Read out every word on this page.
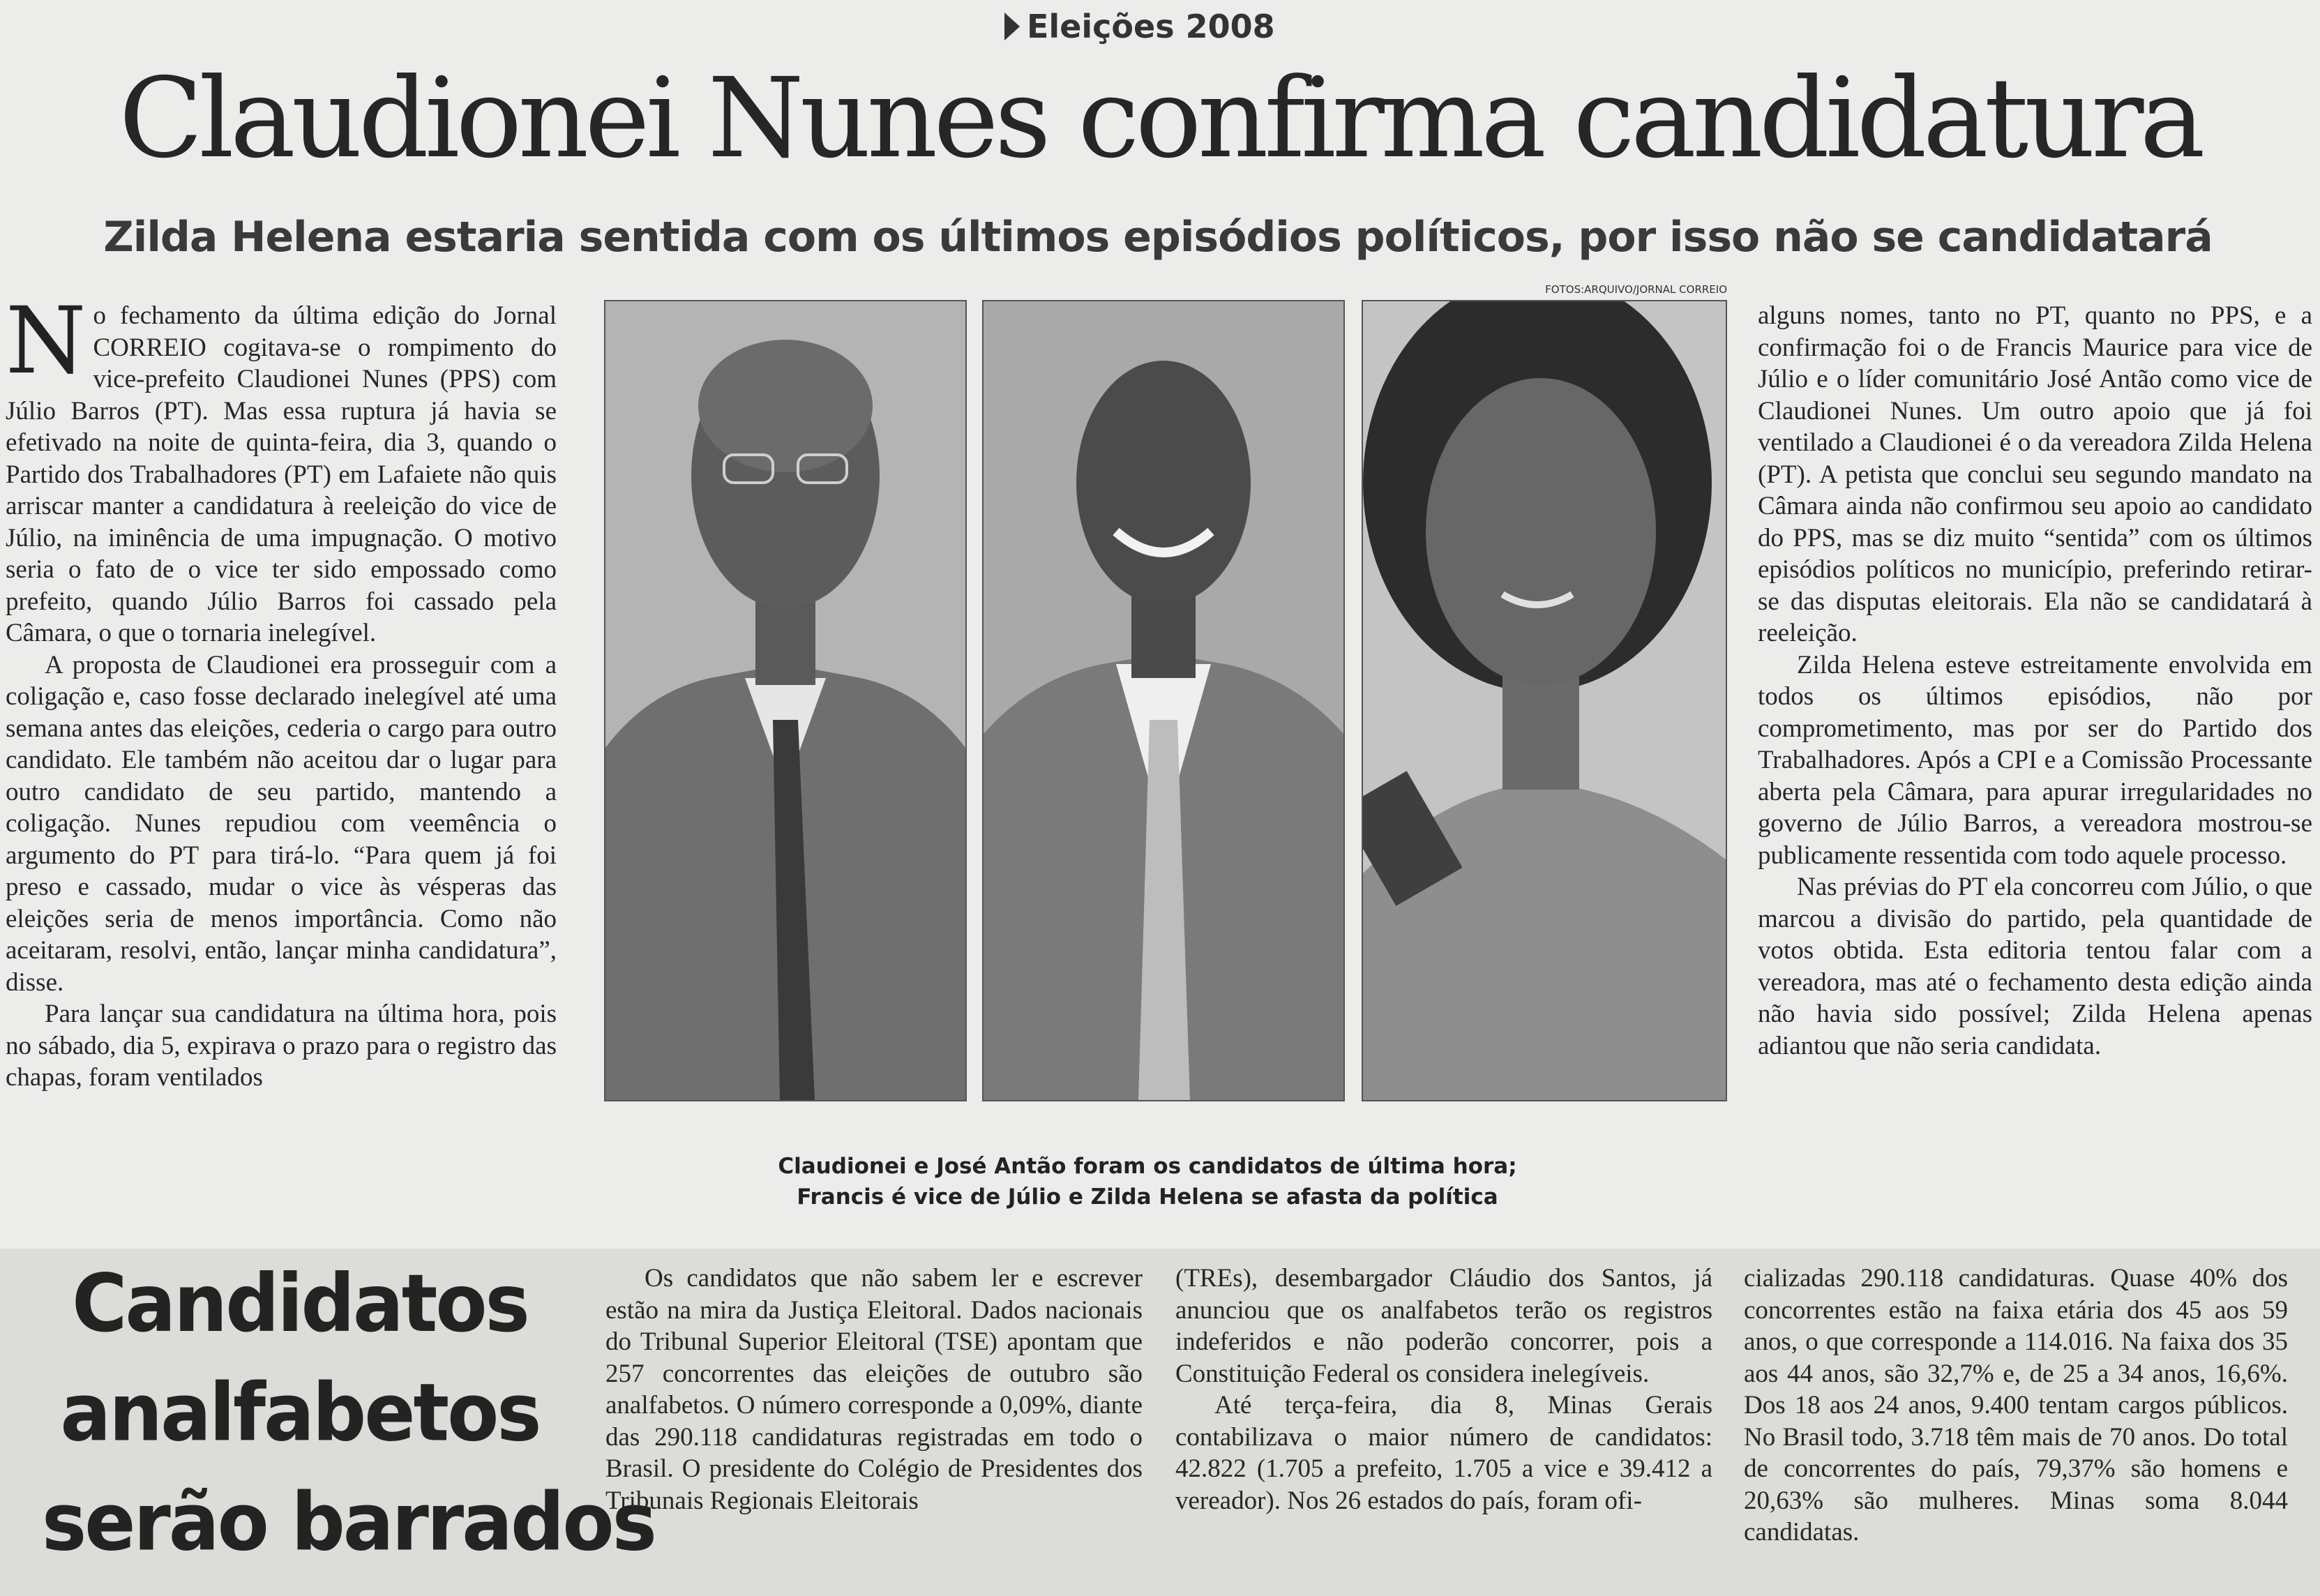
Eleições 2008
Claudionei Nunes confirma candidatura
Zilda Helena estaria sentida com os últimos episódios políticos, por isso não se candidatará

No fechamento da última edição do Jornal CORREIO cogitava-se o rompimento do vice-prefeito Claudionei Nunes (PPS) com Júlio Barros (PT). Mas essa ruptura já havia se efetivado na noite de quinta-feira, dia 3, quando o Partido dos Trabalhadores (PT) em Lafaiete não quis arriscar manter a candidatura à reeleição do vice de Júlio, na iminência de uma impugnação. O motivo seria o fato de o vice ter sido empossado como prefeito, quando Júlio Barros foi cassado pela Câmara, o que o tornaria inelegível.

A proposta de Claudionei era prosseguir com a coligação e, caso fosse declarado inelegível até uma semana antes das eleições, cederia o cargo para outro candidato. Ele também não aceitou dar o lugar para outro candidato de seu partido, mantendo a coligação. Nunes repudiou com veemência o argumento do PT para tirá-lo. “Para quem já foi preso e cassado, mudar o vice às vésperas das eleições seria de menos importância. Como não aceitaram, resolvi, então, lançar minha candidatura”, disse.

Para lançar sua candidatura na última hora, pois no sábado, dia 5, expirava o prazo para o registro das chapas, foram ventilados

FOTOS:ARQUIVO/JORNAL CORREIO
Claudionei e José Antão foram os candidatos de última hora;
Francis é vice de Júlio e Zilda Helena se afasta da política

alguns nomes, tanto no PT, quanto no PPS, e a confirmação foi o de Francis Maurice para vice de Júlio e o líder comunitário José Antão como vice de Claudionei Nunes. Um outro apoio que já foi ventilado a Claudionei é o da vereadora Zilda Helena (PT). A petista que conclui seu segundo mandato na Câmara ainda não confirmou seu apoio ao candidato do PPS, mas se diz muito “sentida” com os últimos episódios políticos no município, preferindo retirar-se das disputas eleitorais. Ela não se candidatará à reeleição.

Zilda Helena esteve estreitamente envolvida em todos os últimos episódios, não por comprometimento, mas por ser do Partido dos Trabalhadores. Após a CPI e a Comissão Processante aberta pela Câmara, para apurar irregularidades no governo de Júlio Barros, a vereadora mostrou-se publicamente ressentida com todo aquele processo.

Nas prévias do PT ela concorreu com Júlio, o que marcou a divisão do partido, pela quantidade de votos obtida. Esta editoria tentou falar com a vereadora, mas até o fechamento desta edição ainda não havia sido possível; Zilda Helena apenas adiantou que não seria candidata.

Candidatos
analfabetos
serão barrados

Os candidatos que não sabem ler e escrever estão na mira da Justiça Eleitoral. Dados nacionais do Tribunal Superior Eleitoral (TSE) apontam que 257 concorrentes das eleições de outubro são analfabetos. O número corresponde a 0,09%, diante das 290.118 candidaturas registradas em todo o Brasil. O presidente do Colégio de Presidentes dos Tribunais Regionais Eleitorais

(TREs), desembargador Cláudio dos Santos, já anunciou que os analfabetos terão os registros indeferidos e não poderão concorrer, pois a Constituição Federal os considera inelegíveis.

Até terça-feira, dia 8, Minas Gerais contabilizava o maior número de candidatos: 42.822 (1.705 a prefeito, 1.705 a vice e 39.412 a vereador). Nos 26 estados do país, foram ofi-

cializadas 290.118 candidaturas. Quase 40% dos concorrentes estão na faixa etária dos 45 aos 59 anos, o que corresponde a 114.016. Na faixa dos 35 aos 44 anos, são 32,7% e, de 25 a 34 anos, 16,6%. Dos 18 aos 24 anos, 9.400 tentam cargos públicos. No Brasil todo, 3.718 têm mais de 70 anos. Do total de concorrentes do país, 79,37% são homens e 20,63% são mulheres. Minas soma 8.044 candidatas.
